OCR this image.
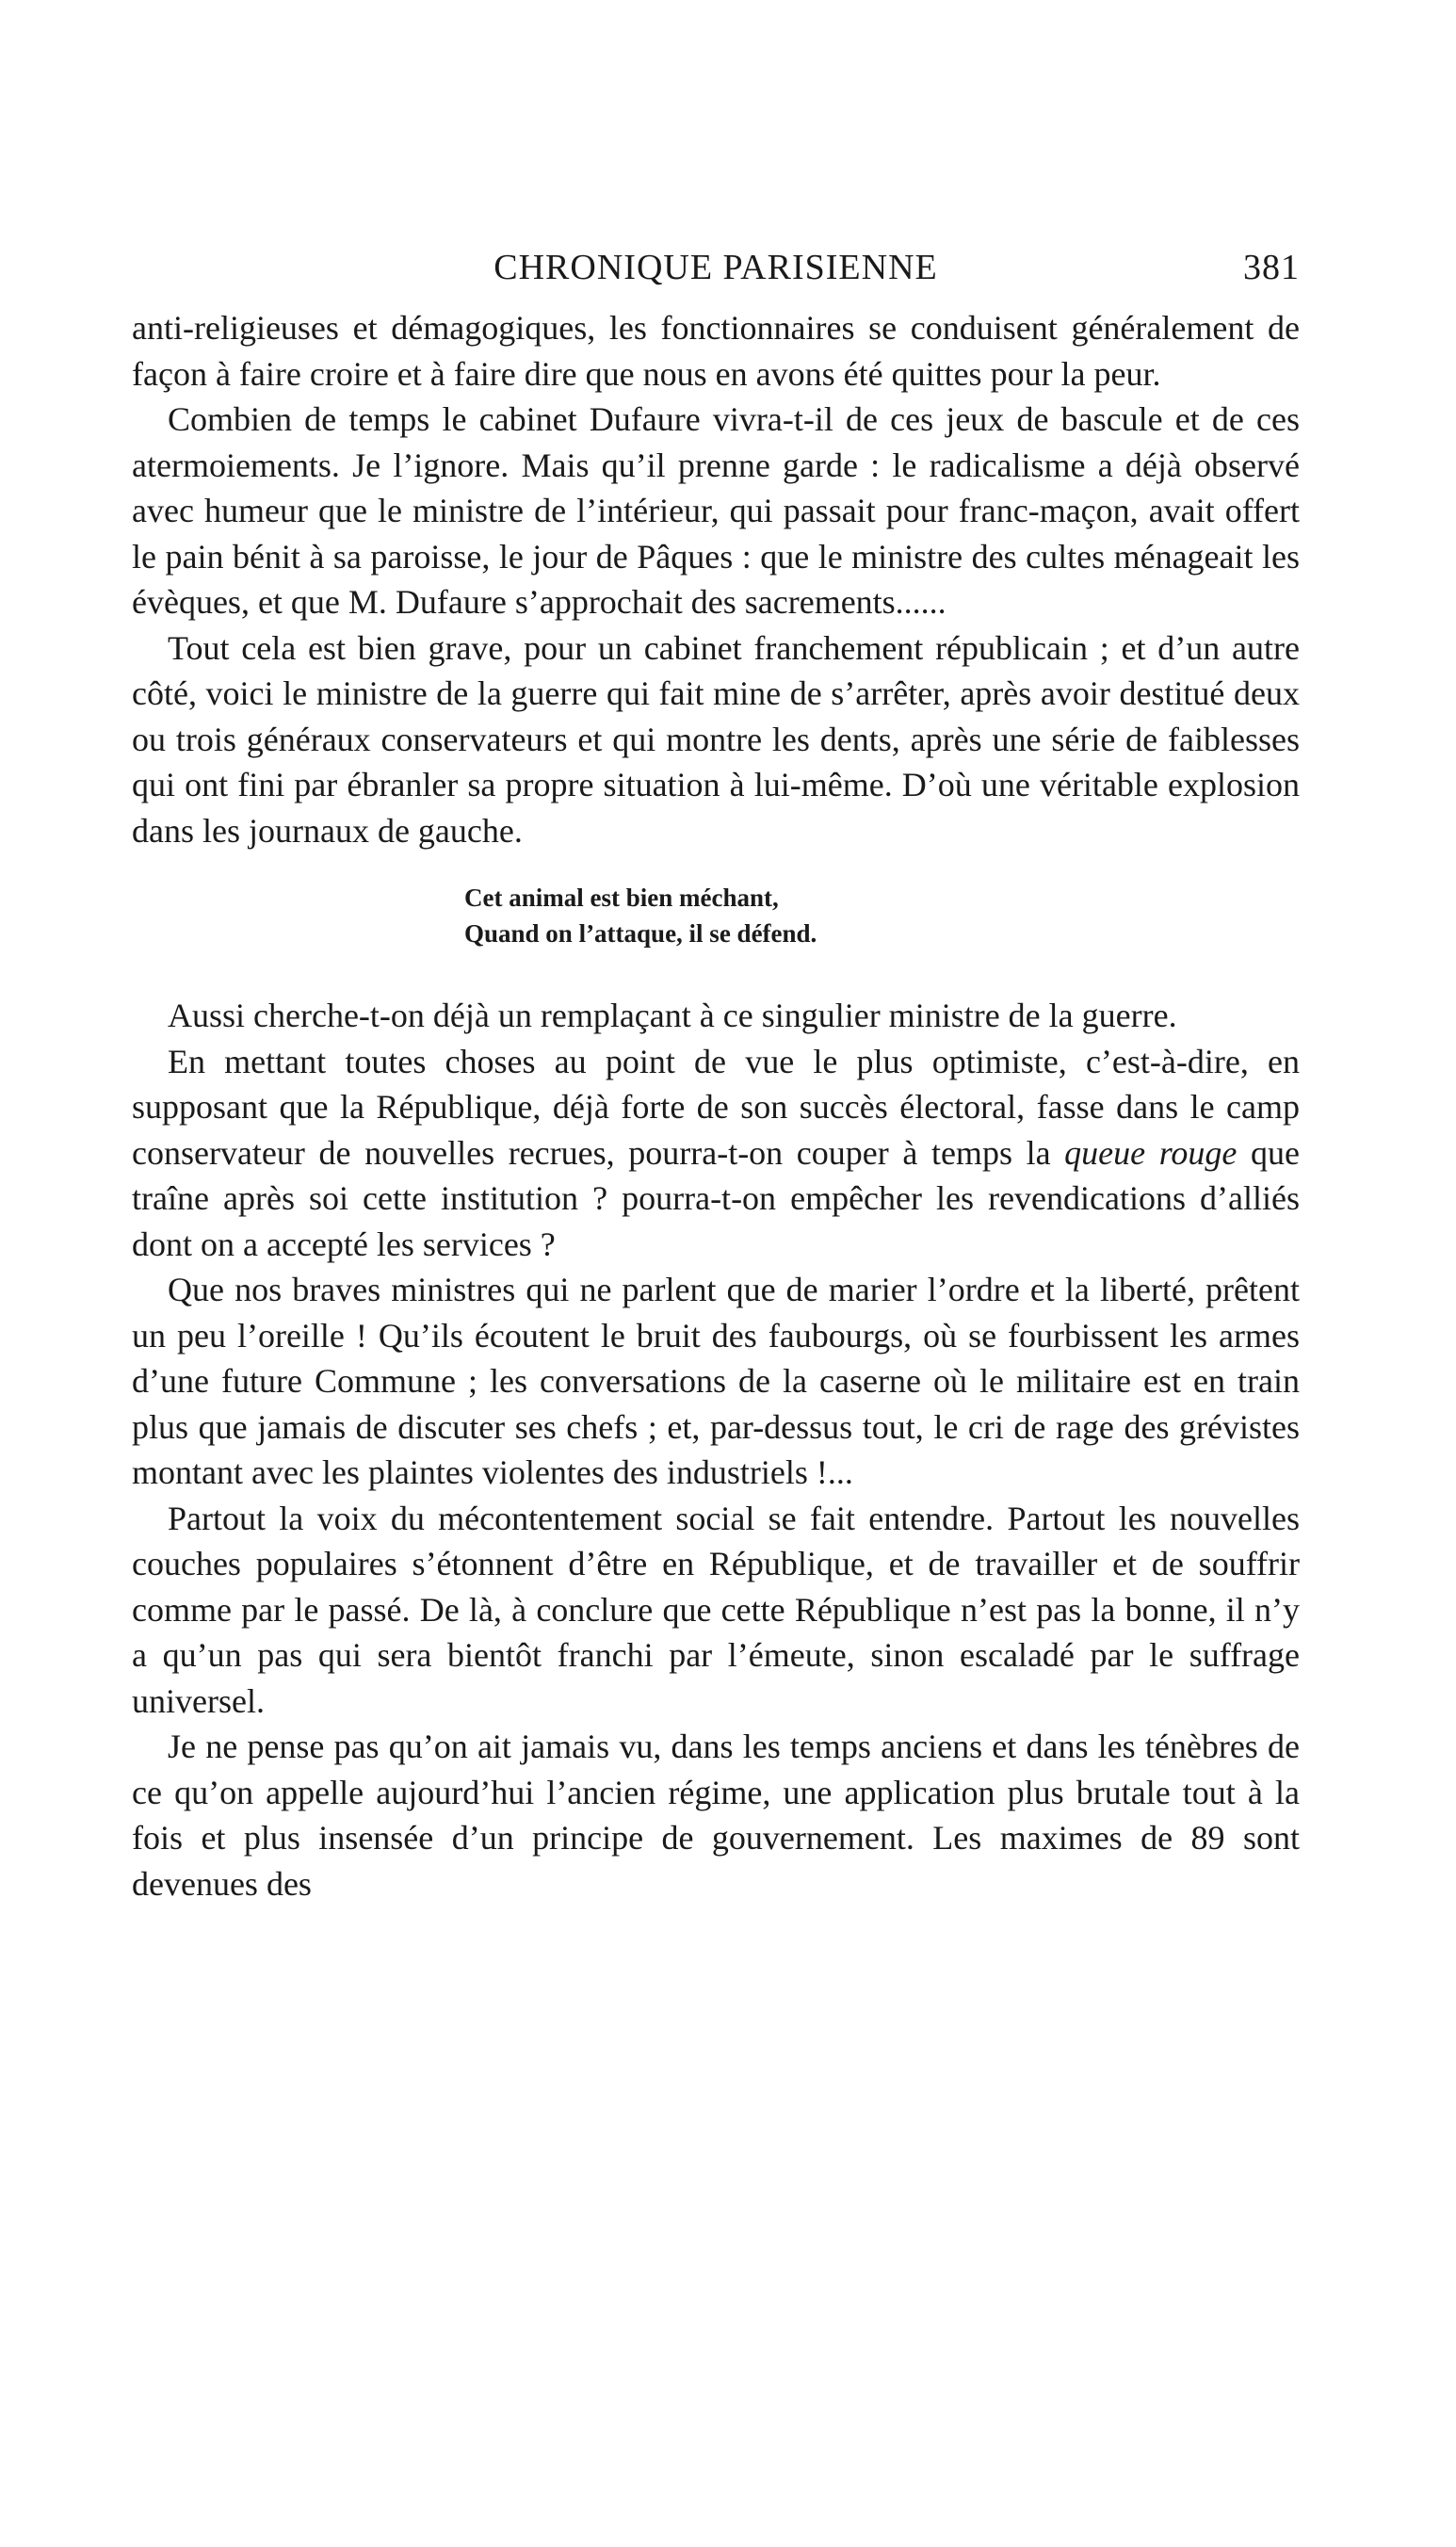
CHRONIQUE PARISIENNE	381

anti-religieuses et démagogiques, les fonctionnaires se conduisent généralement de façon à faire croire et à faire dire que nous en avons été quittes pour la peur.

Combien de temps le cabinet Dufaure vivra-t-il de ces jeux de bascule et de ces atermoiements. Je l’ignore. Mais qu’il prenne garde : le radicalisme a déjà observé avec humeur que le ministre de l’intérieur, qui passait pour franc-maçon, avait offert le pain bénit à sa paroisse, le jour de Pâques : que le ministre des cultes ménageait les évèques, et que M. Dufaure s’approchait des sacrements......

Tout cela est bien grave, pour un cabinet franchement républicain ; et d’un autre côté, voici le ministre de la guerre qui fait mine de s’arrêter, après avoir destitué deux ou trois généraux conservateurs et qui montre les dents, après une série de faiblesses qui ont fini par ébranler sa propre situation à lui-même. D’où une véritable explosion dans les journaux de gauche.

Cet animal est bien méchant,
Quand on l’attaque, il se défend.

Aussi cherche-t-on déjà un remplaçant à ce singulier ministre de la guerre.

En mettant toutes choses au point de vue le plus optimiste, c’est-à-dire, en supposant que la République, déjà forte de son succès électoral, fasse dans le camp conservateur de nouvelles recrues, pourra-t-on couper à temps la queue rouge que traîne après soi cette institution ? pourra-t-on empêcher les revendications d’alliés dont on a accepté les services ?

Que nos braves ministres qui ne parlent que de marier l’ordre et la liberté, prêtent un peu l’oreille ! Qu’ils écoutent le bruit des faubourgs, où se fourbissent les armes d’une future Commune ; les conversations de la caserne où le militaire est en train plus que jamais de discuter ses chefs ; et, par-dessus tout, le cri de rage des grévistes montant avec les plaintes violentes des industriels !...

Partout la voix du mécontentement social se fait entendre. Partout les nouvelles couches populaires s’étonnent d’être en République, et de travailler et de souffrir comme par le passé. De là, à conclure que cette République n’est pas la bonne, il n’y a qu’un pas qui sera bientôt franchi par l’émeute, sinon escaladé par le suffrage universel.

Je ne pense pas qu’on ait jamais vu, dans les temps anciens et dans les ténèbres de ce qu’on appelle aujourd’hui l’ancien régime, une application plus brutale tout à la fois et plus insensée d’un principe de gouvernement. Les maximes de 89 sont devenues des
